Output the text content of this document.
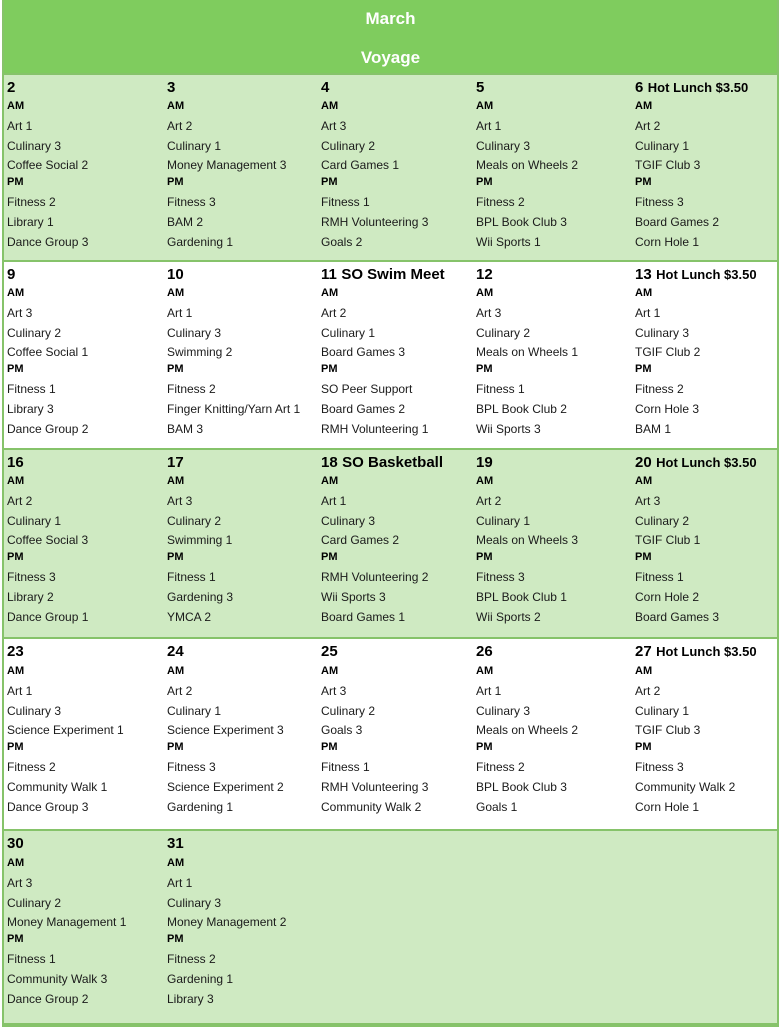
March
Voyage
2
AM
Art 1
Culinary 3
Coffee Social 2
PM
Fitness 2
Library 1
Dance Group 3
3
AM
Art 2
Culinary 1
Money Management 3
PM
Fitness 3
BAM 2
Gardening 1
4
AM
Art 3
Culinary 2
Card Games 1
PM
Fitness 1
RMH Volunteering 3
Goals 2
5
AM
Art 1
Culinary 3
Meals on Wheels 2
PM
Fitness 2
BPL Book Club 3
Wii Sports 1
6 Hot Lunch $3.50
AM
Art 2
Culinary 1
TGIF Club 3
PM
Fitness 3
Board Games 2
Corn Hole 1
9
AM
Art 3
Culinary 2
Coffee Social 1
PM
Fitness 1
Library 3
Dance Group 2
10
AM
Art 1
Culinary 3
Swimming 2
PM
Fitness 2
Finger Knitting/Yarn Art 1
BAM 3
11 SO Swim Meet
AM
Art 2
Culinary 1
Board Games 3
PM
SO Peer Support
Board Games 2
RMH Volunteering 1
12
AM
Art 3
Culinary 2
Meals on Wheels 1
PM
Fitness 1
BPL Book Club 2
Wii Sports 3
13 Hot Lunch $3.50
AM
Art 1
Culinary 3
TGIF Club 2
PM
Fitness 2
Corn Hole 3
BAM 1
16
AM
Art 2
Culinary 1
Coffee Social 3
PM
Fitness 3
Library 2
Dance Group 1
17
AM
Art 3
Culinary 2
Swimming 1
PM
Fitness 1
Gardening 3
YMCA 2
18 SO Basketball
AM
Art 1
Culinary 3
Card Games 2
PM
RMH Volunteering 2
Wii Sports 3
Board Games 1
19
AM
Art 2
Culinary 1
Meals on Wheels 3
PM
Fitness 3
BPL Book Club 1
Wii Sports 2
20 Hot Lunch $3.50
AM
Art 3
Culinary 2
TGIF Club 1
PM
Fitness 1
Corn Hole 2
Board Games 3
23
AM
Art 1
Culinary 3
Science Experiment 1
PM
Fitness 2
Community Walk 1
Dance Group 3
24
AM
Art 2
Culinary 1
Science Experiment 3
PM
Fitness 3
Science Experiment 2
Gardening 1
25
AM
Art 3
Culinary 2
Goals 3
PM
Fitness 1
RMH Volunteering 3
Community Walk 2
26
AM
Art 1
Culinary 3
Meals on Wheels 2
PM
Fitness 2
BPL Book Club 3
Goals 1
27 Hot Lunch $3.50
AM
Art 2
Culinary 1
TGIF Club 3
PM
Fitness 3
Community Walk 2
Corn Hole 1
30
AM
Art 3
Culinary 2
Money Management 1
PM
Fitness 1
Community Walk 3
Dance Group 2
31
AM
Art 1
Culinary 3
Money Management 2
PM
Fitness 2
Gardening 1
Library 3
